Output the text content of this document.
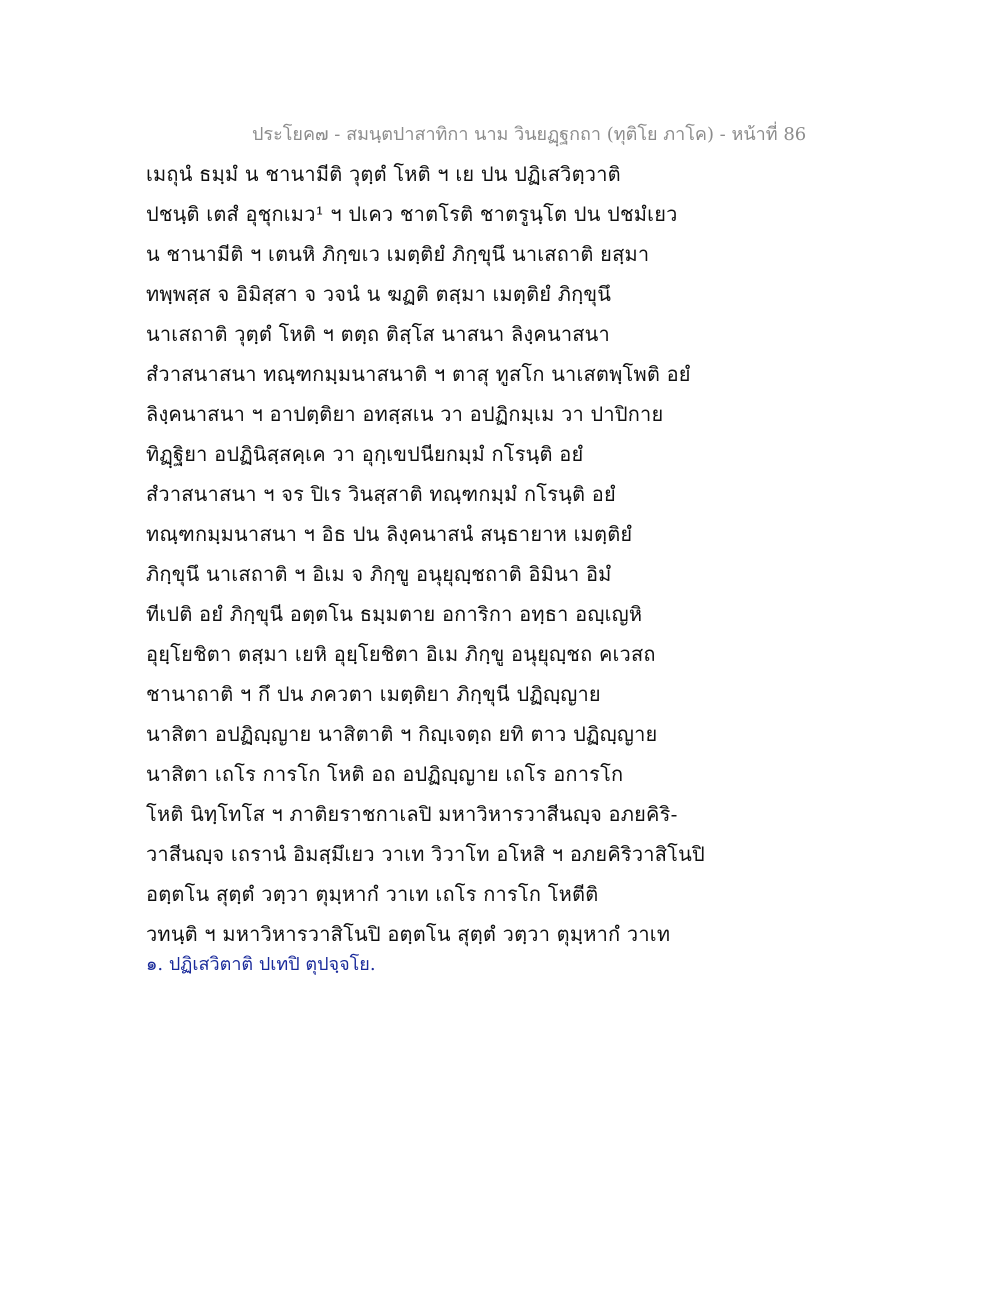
ประโยค๗ - สมนฺตปาสาทิกา นาม วินยฏฺฐกถา (ทุติโย ภาโค) - หน้าที่ 86
เมถุนํ ธมฺมํ น ชานามีติ วุตฺตํ โหติ ฯ เย ปน ปฏิเสวิตฺวาติ
ปชนฺติ เตสํ อุชุกเมว¹ ฯ ปเคว ชาตโรติ ชาตรูนฺโต ปน ปชมํเยว
น ชานามีติ ฯ เตนหิ ภิกฺขเว เมตฺติยํ ภิกฺขุนึ นาเสถาติ ยสฺมา
ทพฺพสฺส จ อิมิสฺสา จ วจนํ น ฆฏติ ตสฺมา เมตฺติยํ ภิกฺขุนึ
นาเสถาติ วุตฺตํ โหติ ฯ ตตฺถ ติสฺโส นาสนา ลิงฺคนาสนา
สํวาสนาสนา ทณฺฑกมฺมนาสนาติ ฯ ตาสุ ทูสโก นาเสตพฺโพติ อยํ
ลิงฺคนาสนา ฯ อาปตฺติยา อทสฺสเน วา อปฏิกมฺเม วา ปาปิกาย
ทิฏฺฐิยา อปฏินิสฺสคฺเค วา อุกฺเขปนียกมฺมํ กโรนฺติ อยํ
สํวาสนาสนา ฯ จร ปิเร วินสฺสาติ ทณฺฑกมฺมํ กโรนฺติ อยํ
ทณฺฑกมฺมนาสนา ฯ อิธ ปน ลิงฺคนาสนํ สนฺธายาห เมตฺติยํ
ภิกฺขุนึ นาเสถาติ ฯ อิเม จ ภิกฺขู อนุยุญฺชถาติ อิมินา อิมํ
ทีเปติ อยํ ภิกฺขุนี อตฺตโน ธมฺมตาย อการิกา อทฺธา อญฺเญหิ
อุยฺโยชิตา ตสฺมา เยหิ อุยฺโยชิตา อิเม ภิกฺขู อนุยุญฺชถ คเวสถ
ชานาถาติ ฯ กึ ปน ภควตา เมตฺติยา ภิกฺขุนี ปฏิญฺญาย
นาสิตา อปฏิญฺญาย นาสิตาติ ฯ กิญฺเจตฺถ ยทิ ตาว ปฏิญฺญาย
นาสิตา เถโร การโก โหติ อถ อปฏิญฺญาย เถโร อการโก
โหติ นิทฺโทโส ฯ ภาติยราชกาเลปิ มหาวิหารวาสีนญฺจ อภยคิริ-
วาสีนญฺจ เถรานํ อิมสฺมึเยว วาเท วิวาโท อโหสิ ฯ อภยคิริวาสิโนปิ
อตฺตโน สุตฺตํ วตฺวา ตุมฺหากํ วาเท เถโร การโก โหตีติ
วทนฺติ ฯ มหาวิหารวาสิโนปิ อตฺตโน สุตฺตํ วตฺวา ตุมฺหากํ วาเท
๑. ปฏิเสวิตาติ ปเทปิ ตุปจฺจโย.
